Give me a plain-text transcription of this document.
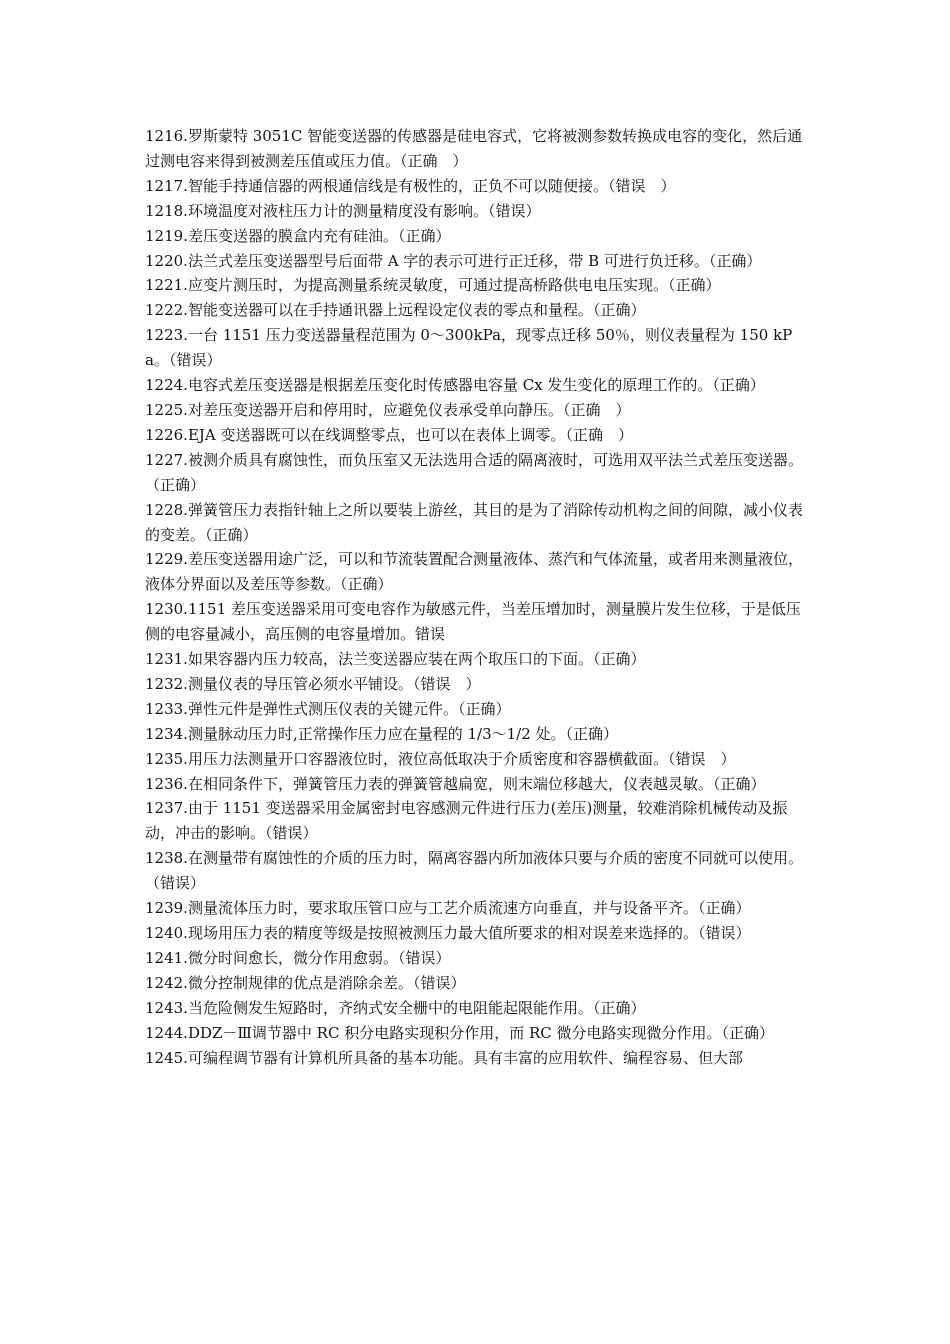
1216.罗斯蒙特 3051C 智能变送器的传感器是硅电容式，它将被测参数转换成电容的变化，然后通过测电容来得到被测差压值或压力值。（正确　）

1217.智能手持通信器的两根通信线是有极性的，正负不可以随便接。（错误　）

1218.环境温度对液柱压力计的测量精度没有影响。（错误）

1219.差压变送器的膜盒内充有硅油。（正确）

1220.法兰式差压变送器型号后面带 A 字的表示可进行正迁移，带 B 可进行负迁移。（正确）

1221.应变片测压时，为提高测量系统灵敏度，可通过提高桥路供电电压实现。（正确）

1222.智能变送器可以在手持通讯器上远程设定仪表的零点和量程。（正确）

1223.一台 1151 压力变送器量程范围为 0～300kPa，现零点迁移 50％，则仪表量程为 150 kPa。（错误）

1224.电容式差压变送器是根据差压变化时传感器电容量 Cx 发生变化的原理工作的。（正确）

1225.对差压变送器开启和停用时，应避免仪表承受单向静压。（正确　）

1226.EJA 变送器既可以在线调整零点，也可以在表体上调零。（正确　）

1227.被测介质具有腐蚀性，而负压室又无法选用合适的隔离液时，可选用双平法兰式差压变送器。（正确）

1228.弹簧管压力表指针轴上之所以要装上游丝，其目的是为了消除传动机构之间的间隙，减小仪表的变差。（正确）

1229.差压变送器用途广泛，可以和节流装置配合测量液体、蒸汽和气体流量，或者用来测量液位，液体分界面以及差压等参数。（正确）

1230.1151 差压变送器采用可变电容作为敏感元件，当差压增加时，测量膜片发生位移，于是低压侧的电容量减小，高压侧的电容量增加。错误

1231.如果容器内压力较高，法兰变送器应装在两个取压口的下面。（正确）

1232.测量仪表的导压管必须水平铺设。（错误　）

1233.弹性元件是弹性式测压仪表的关键元件。（正确）

1234.测量脉动压力时,正常操作压力应在量程的 1/3～1/2 处。（正确）

1235.用压力法测量开口容器液位时，液位高低取决于介质密度和容器横截面。（错误　）

1236.在相同条件下，弹簧管压力表的弹簧管越扁宽，则末端位移越大，仪表越灵敏。（正确）

1237.由于 1151 变送器采用金属密封电容感测元件进行压力(差压)测量，较难消除机械传动及振动，冲击的影响。（错误）

1238.在测量带有腐蚀性的介质的压力时，隔离容器内所加液体只要与介质的密度不同就可以使用。（错误）

1239.测量流体压力时，要求取压管口应与工艺介质流速方向垂直，并与设备平齐。（正确）

1240.现场用压力表的精度等级是按照被测压力最大值所要求的相对误差来选择的。（错误）

1241.微分时间愈长，微分作用愈弱。（错误）

1242.微分控制规律的优点是消除余差。（错误）

1243.当危险侧发生短路时，齐纳式安全栅中的电阻能起限能作用。（正确）

1244.DDZ－Ⅲ调节器中 RC 积分电路实现积分作用，而 RC 微分电路实现微分作用。（正确）

1245.可编程调节器有计算机所具备的基本功能。具有丰富的应用软件、编程容易、但大部
